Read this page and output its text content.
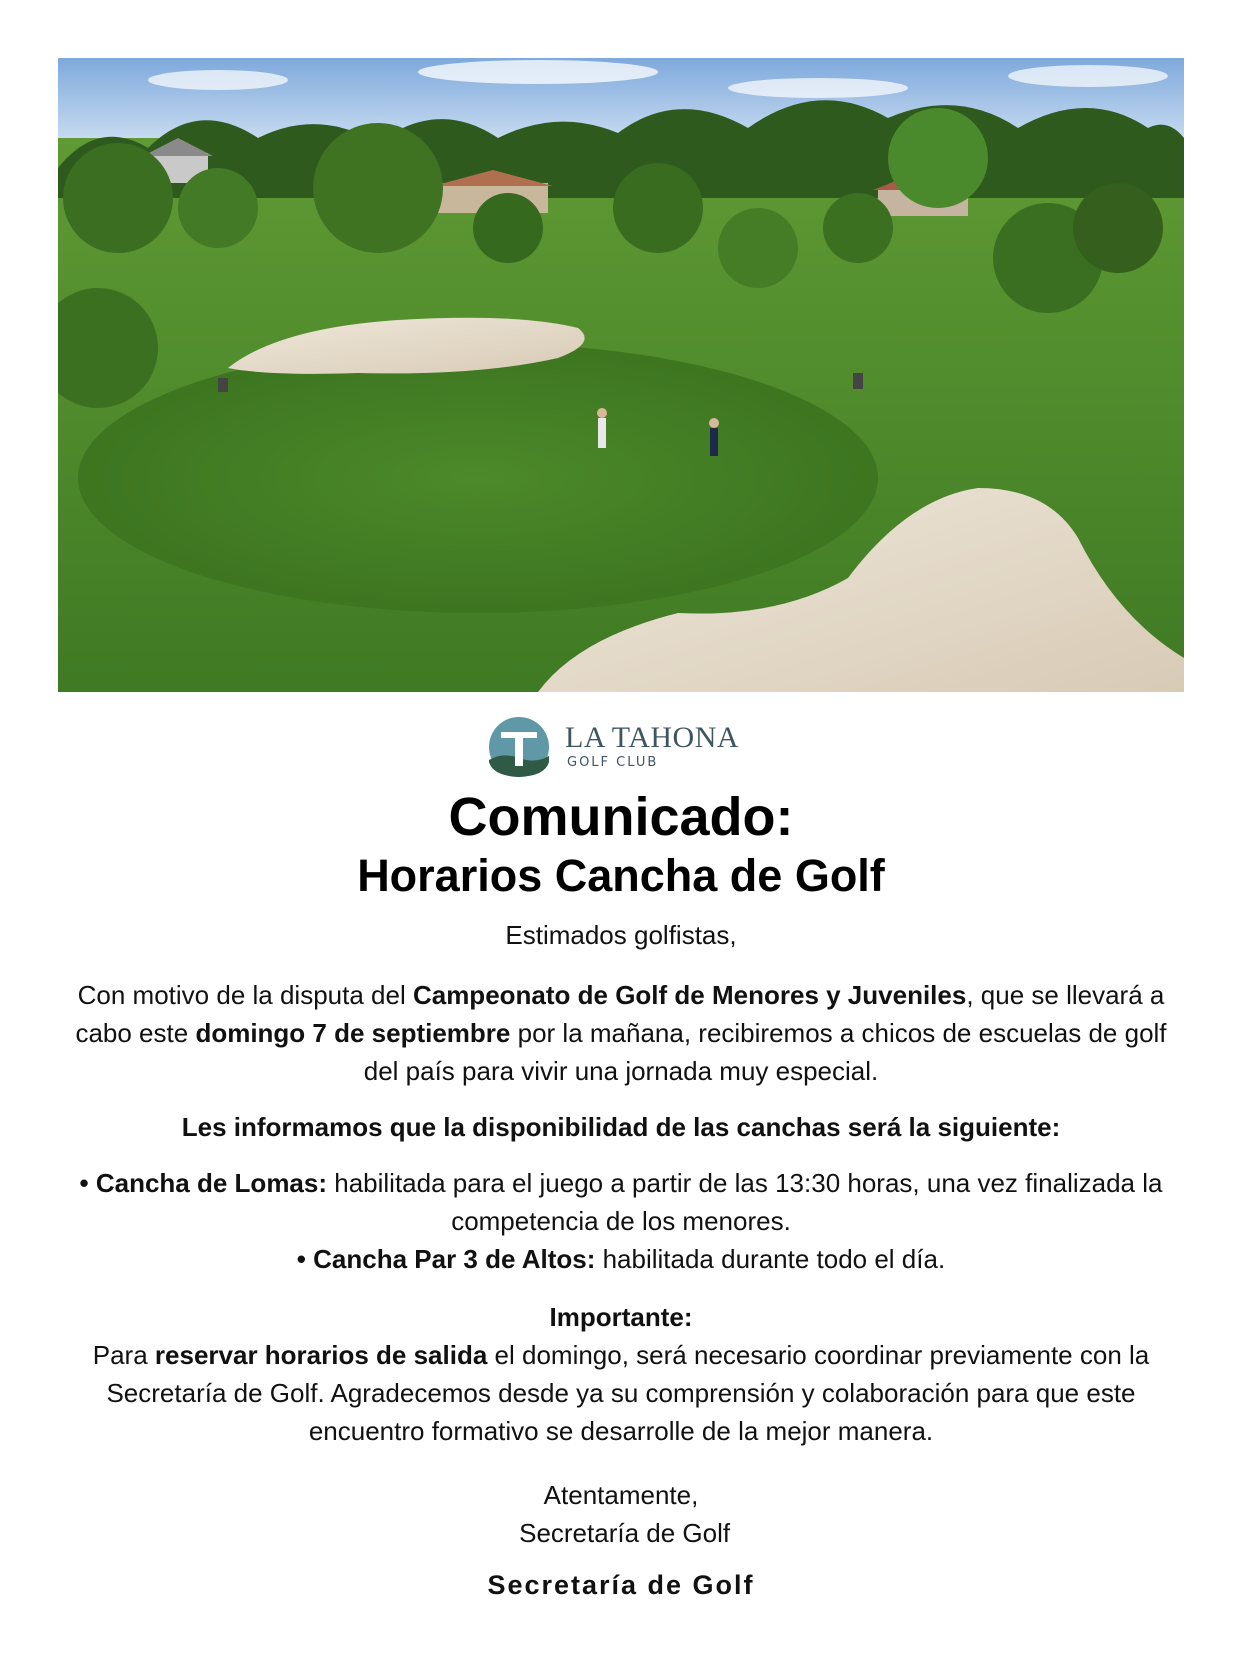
LA TAHONA
GOLF CLUB
Comunicado:
Horarios Cancha de Golf

Estimados golfistas,

Con motivo de la disputa del Campeonato de Golf de Menores y Juveniles, que se llevará a cabo este domingo 7 de septiembre por la mañana, recibiremos a chicos de escuelas de golf del país para vivir una jornada muy especial.

Les informamos que la disponibilidad de las canchas será la siguiente:

• Cancha de Lomas: habilitada para el juego a partir de las 13:30 horas, una vez finalizada la competencia de los menores.
• Cancha Par 3 de Altos: habilitada durante todo el día.
Importante:

Para reservar horarios de salida el domingo, será necesario coordinar previamente con la Secretaría de Golf. Agradecemos desde ya su comprensión y colaboración para que este encuentro formativo se desarrolle de la mejor manera.

Atentamente,
Secretaría de Golf
Secretaría de Golf
